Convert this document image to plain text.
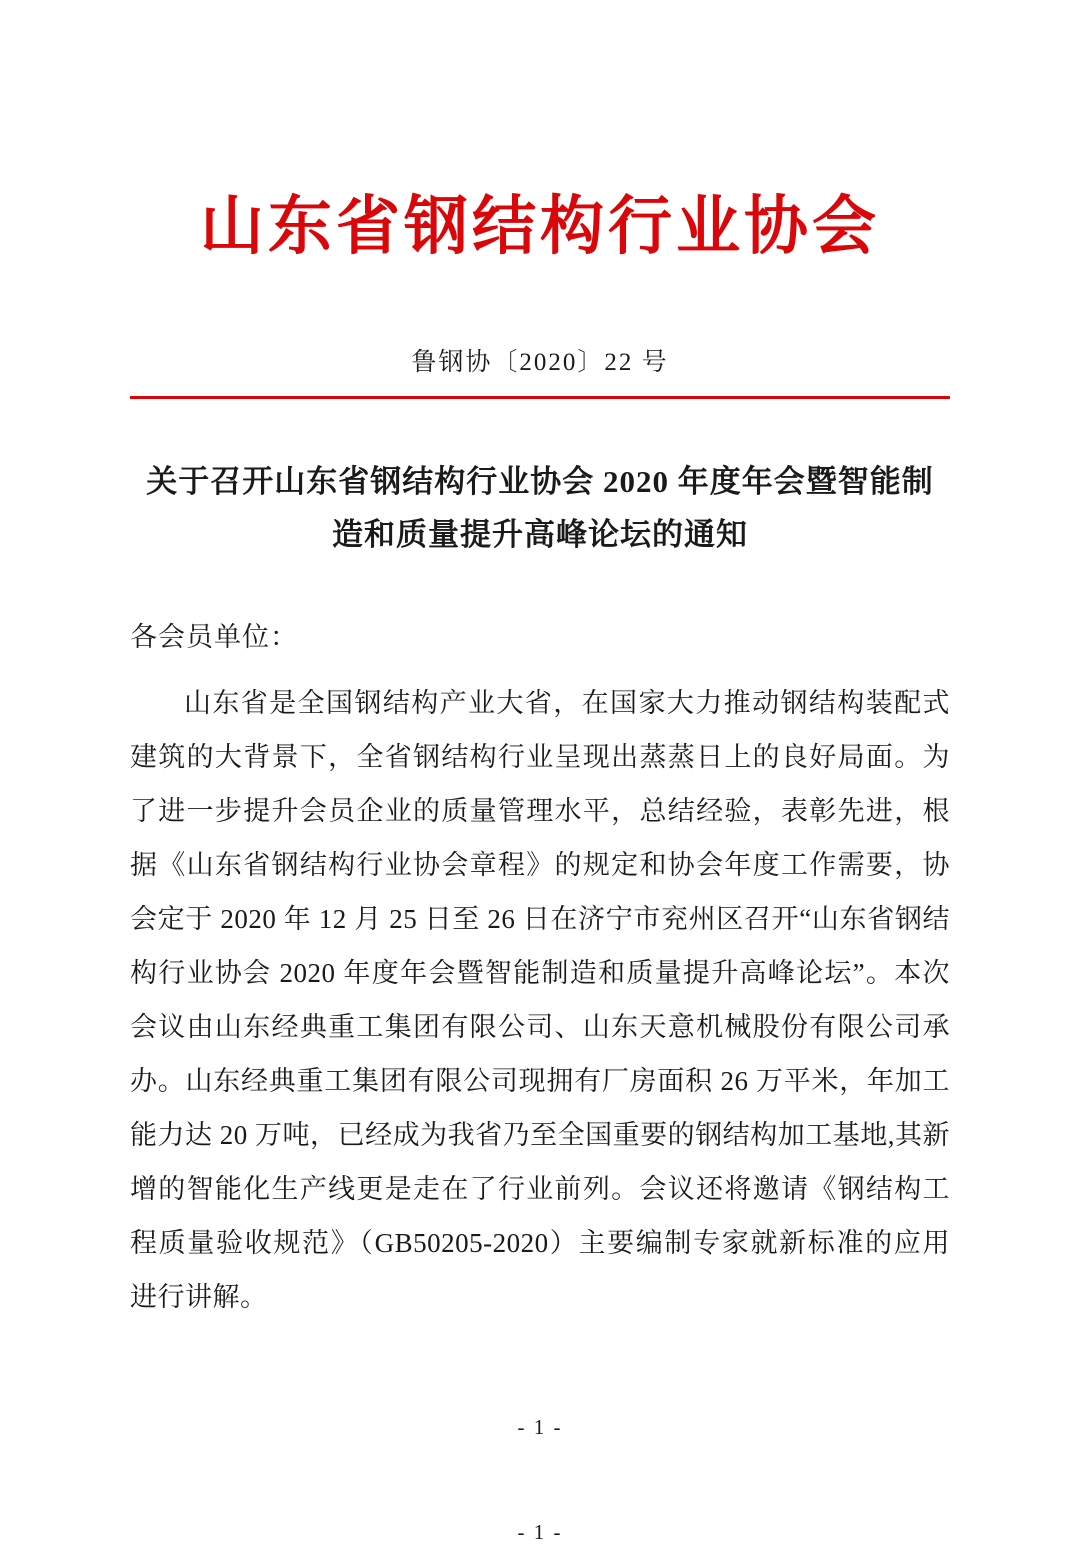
山东省钢结构行业协会
鲁钢协〔2020〕22 号
关于召开山东省钢结构行业协会 2020 年度年会暨智能制造和质量提升高峰论坛的通知
各会员单位：
山东省是全国钢结构产业大省，在国家大力推动钢结构装配式建筑的大背景下，全省钢结构行业呈现出蒸蒸日上的良好局面。为了进一步提升会员企业的质量管理水平，总结经验，表彰先进，根据《山东省钢结构行业协会章程》的规定和协会年度工作需要，协会定于 2020 年 12 月 25 日至 26 日在济宁市兖州区召开“山东省钢结构行业协会 2020 年度年会暨智能制造和质量提升高峰论坛”。本次会议由山东经典重工集团有限公司、山东天意机械股份有限公司承办。山东经典重工集团有限公司现拥有厂房面积 26 万平米，年加工能力达 20 万吨，已经成为我省乃至全国重要的钢结构加工基地,其新增的智能化生产线更是走在了行业前列。会议还将邀请《钢结构工程质量验收规范》（GB50205-2020）主要编制专家就新标准的应用进行讲解。
- 1 -
- 1 -
